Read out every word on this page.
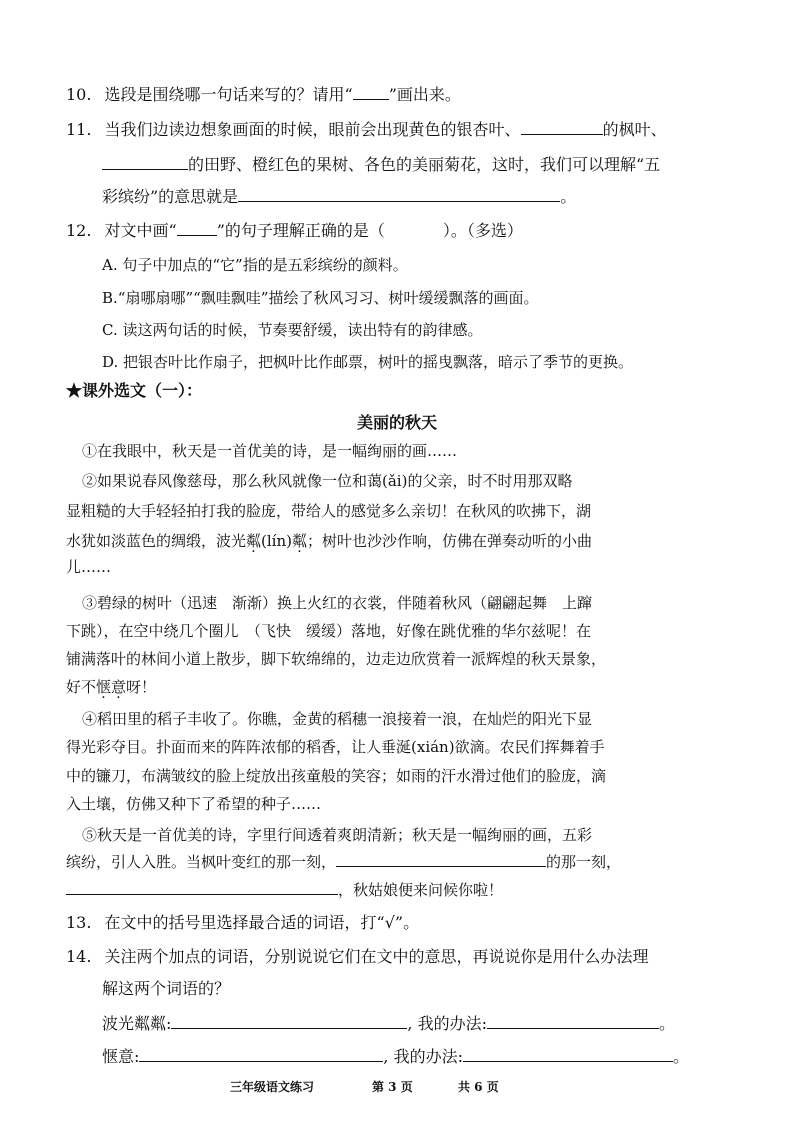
10. 选段是围绕哪一句话来写的？请用“ ”画出来。
11. 当我们边读边想象画面的时候，眼前会出现黄色的银杏叶、	的枫叶、
的田野、橙红色的果树、各色的美丽菊花，这时，我们可以理解“五
彩缤纷”的意思就是	。
12. 对文中画“	”的句子理解正确的是（	）。（多选）
A. 句子中加点的“它”指的是五彩缤纷的颜料。
B.“扇哪扇哪”“飘哇飘哇”描绘了秋风习习、树叶缓缓飘落的画面。
C. 读这两句话的时候，节奏要舒缓，读出特有的韵律感。
D. 把银杏叶比作扇子，把枫叶比作邮票，树叶的摇曳飘落，暗示了季节的更换。
★课外选文（一）：
美丽的秋天
①在我眼中，秋天是一首优美的诗，是一幅绚丽的画……
②如果说春风像慈母，那么秋风就像一位和蔼(ǎi)的父亲，时不时用那双略
显粗糙的大手轻轻拍打我的脸庞，带给人的感觉多么亲切！在秋风的吹拂下，湖
水犹如淡蓝色的绸缎，波光粼(lín)粼；树叶也沙沙作响，仿佛在弹奏动听的小曲
儿……
③碧绿的树叶（迅速　渐渐）换上火红的衣裳，伴随着秋风（翩翩起舞　上蹿
下跳），在空中绕几个圈儿　（飞快　缓缓）落地，好像在跳优雅的华尔兹呢！在
铺满落叶的林间小道上散步，脚下软绵绵的，边走边欣赏着一派辉煌的秋天景象，
好不惬意呀！
④稻田里的稻子丰收了。你瞧，金黄的稻穗一浪接着一浪，在灿烂的阳光下显
得光彩夺目。扑面而来的阵阵浓郁的稻香，让人垂涎(xián)欲滴。农民们挥舞着手
中的镰刀，布满皱纹的脸上绽放出孩童般的笑容；如雨的汗水滑过他们的脸庞，滴
入土壤，仿佛又种下了希望的种子……
⑤秋天是一首优美的诗，字里行间透着爽朗清新；秋天是一幅绚丽的画，五彩
缤纷，引人入胜。当枫叶变红的那一刻，	的那一刻，
，秋姑娘便来问候你啦！
13. 在文中的括号里选择最合适的词语，打“√”。
14. 关注两个加点的词语，分别说说它们在文中的意思，再说说你是用什么办法理
解这两个词语的？
波光粼粼:	, 我的办法:	。
惬意:	, 我的办法:	。
三年级语文练习	第 3 页	共 6 页
